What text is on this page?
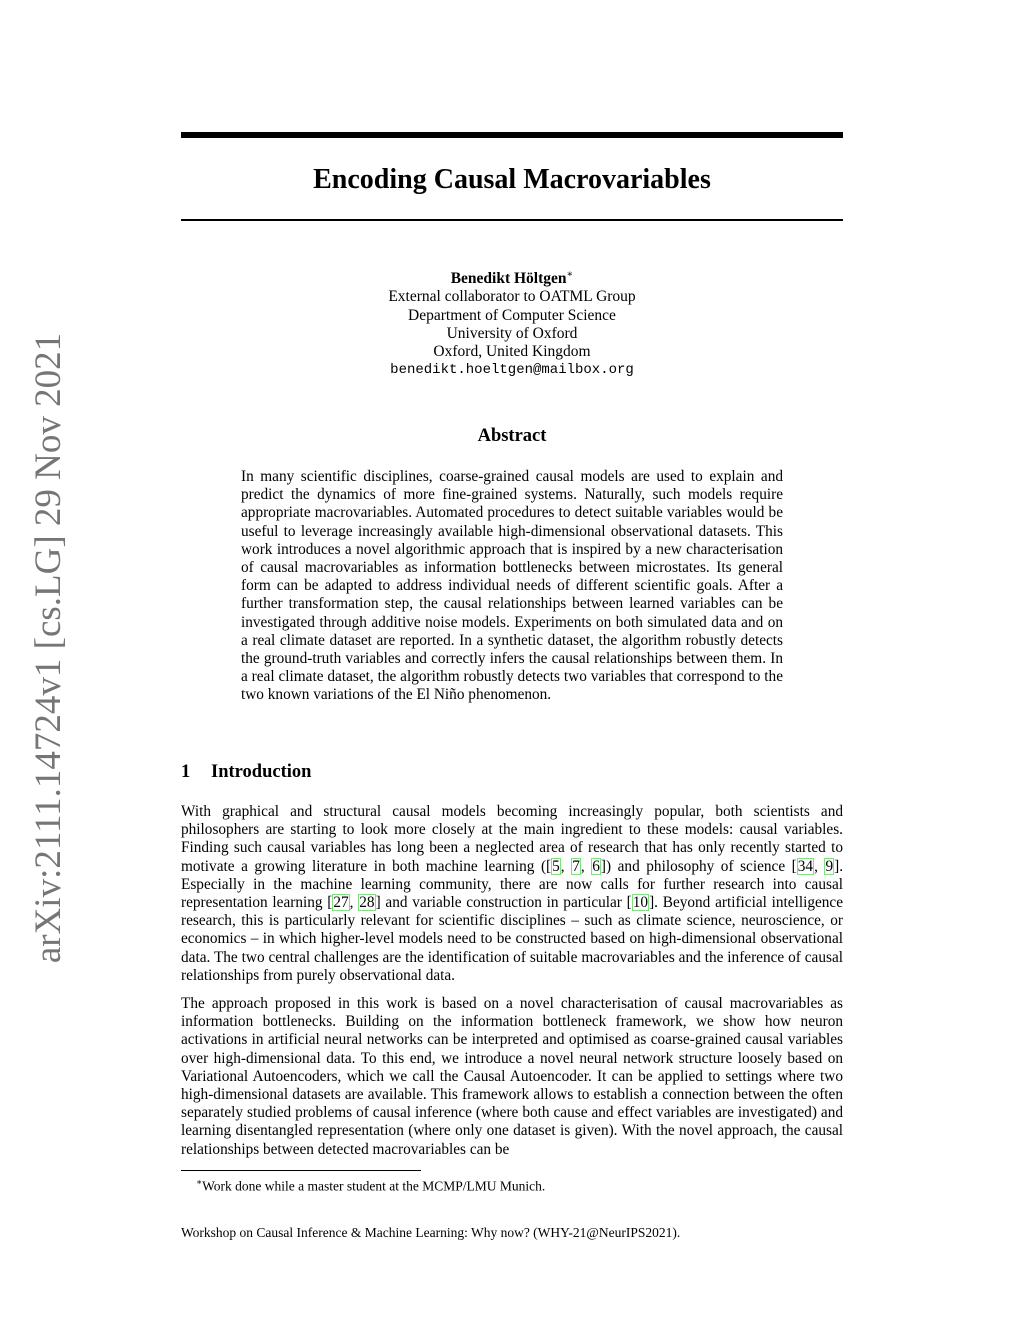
arXiv:2111.14724v1 [cs.LG] 29 Nov 2021
Encoding Causal Macrovariables
Benedikt Höltgen∗
External collaborator to OATML Group
Department of Computer Science
University of Oxford
Oxford, United Kingdom
benedikt.hoeltgen@mailbox.org
Abstract
In many scientific disciplines, coarse-grained causal models are used to explain and predict the dynamics of more fine-grained systems. Naturally, such models require appropriate macrovariables. Automated procedures to detect suitable variables would be useful to leverage increasingly available high-dimensional observational datasets. This work introduces a novel algorithmic approach that is inspired by a new characterisation of causal macrovariables as information bottlenecks between microstates. Its general form can be adapted to address individual needs of different scientific goals. After a further transformation step, the causal relationships between learned variables can be investigated through additive noise models. Experiments on both simulated data and on a real climate dataset are reported. In a synthetic dataset, the algorithm robustly detects the ground-truth variables and correctly infers the causal relationships between them. In a real climate dataset, the algorithm robustly detects two variables that correspond to the two known variations of the El Niño phenomenon.
1 Introduction

With graphical and structural causal models becoming increasingly popular, both scientists and philosophers are starting to look more closely at the main ingredient to these models: causal variables. Finding such causal variables has long been a neglected area of research that has only recently started to motivate a growing literature in both machine learning ([5, 7, 6]) and philosophy of science [34, 9]. Especially in the machine learning community, there are now calls for further research into causal representation learning [27, 28] and variable construction in particular [10]. Beyond artificial intelligence research, this is particularly relevant for scientific disciplines – such as climate science, neuroscience, or economics – in which higher-level models need to be constructed based on high-dimensional observational data. The two central challenges are the identification of suitable macrovariables and the inference of causal relationships from purely observational data.

The approach proposed in this work is based on a novel characterisation of causal macrovariables as information bottlenecks. Building on the information bottleneck framework, we show how neuron activations in artificial neural networks can be interpreted and optimised as coarse-grained causal variables over high-dimensional data. To this end, we introduce a novel neural network structure loosely based on Variational Autoencoders, which we call the Causal Autoencoder. It can be applied to settings where two high-dimensional datasets are available. This framework allows to establish a connection between the often separately studied problems of causal inference (where both cause and effect variables are investigated) and learning disentangled representation (where only one dataset is given). With the novel approach, the causal relationships between detected macrovariables can be

∗Work done while a master student at the MCMP/LMU Munich.
Workshop on Causal Inference & Machine Learning: Why now? (WHY-21@NeurIPS2021).
